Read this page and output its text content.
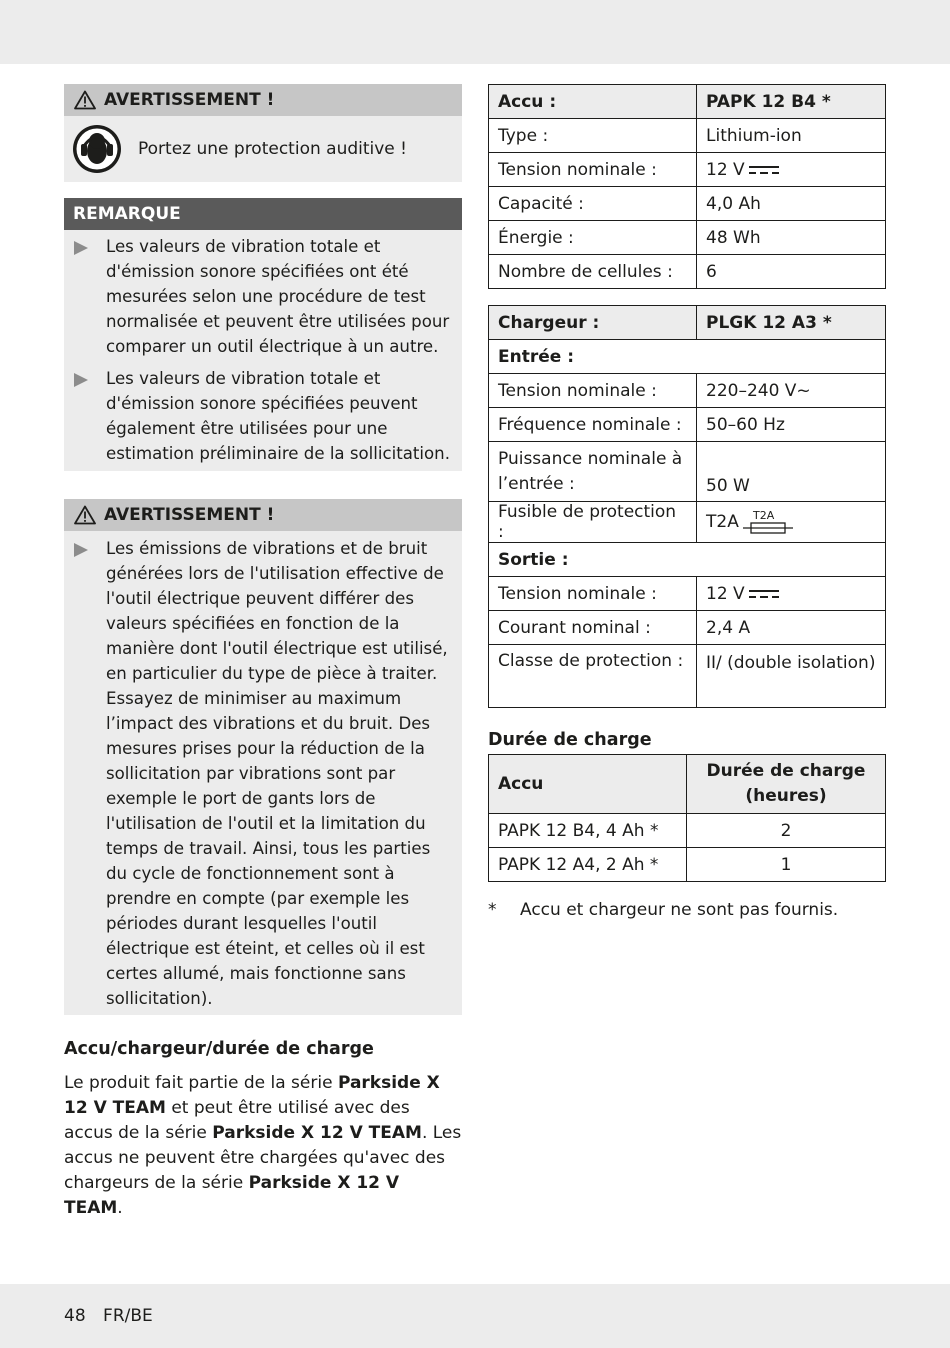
AVERTISSEMENT !
Portez une protection auditive !
REMARQUE
Les valeurs de vibration totale et d'émission sonore spécifiées ont été mesurées selon une procédure de test normalisée et peuvent être utilisées pour comparer un outil électrique à un autre.
Les valeurs de vibration totale et d'émission sonore spécifiées peuvent également être utilisées pour une estimation préliminaire de la sollicitation.
AVERTISSEMENT !
Les émissions de vibrations et de bruit générées lors de l'utilisation effective de l'outil électrique peuvent différer des valeurs spécifiées en fonction de la manière dont l'outil électrique est utilisé, en particulier du type de pièce à traiter.
Essayez de minimiser au maximum l’impact des vibrations et du bruit. Des mesures prises pour la réduction de la sollicitation par vibrations sont par exemple le port de gants lors de l'utilisation de l'outil et la limitation du temps de travail. Ainsi, tous les parties du cycle de fonctionnement sont à prendre en compte (par exemple les périodes durant lesquelles l'outil électrique est éteint, et celles où il est certes allumé, mais fonctionne sans sollicitation).
Accu/chargeur/durée de charge
Le produit fait partie de la série Parkside X 12 V TEAM et peut être utilisé avec des accus de la série Parkside X 12 V TEAM. Les accus ne peuvent être chargées qu'avec des chargeurs de la série Parkside X 12 V TEAM.
Accu :	PAPK 12 B4 *
Type :	Lithium-ion
Tension nominale :	12 V
Capacité :	4,0 Ah
Énergie :	48 Wh
Nombre de cellules :	6
Chargeur :	PLGK 12 A3 *
Entrée :	
Tension nominale :	220–240 V~
Fréquence nominale :	50–60 Hz
Puissance nominale à l’entrée :	50 W
Fusible de protection :	T2A T2A

Sortie :	
Tension nominale :	12 V
Courant nominal :	2,4 A
Classe de protection :	II/ (double isolation)
Durée de charge
Accu	Durée de charge (heures)
PAPK 12 B4, 4 Ah *	2
PAPK 12 A4, 2 Ah *	1
*	Accu et chargeur ne sont pas fournis.
48 FR/BE
